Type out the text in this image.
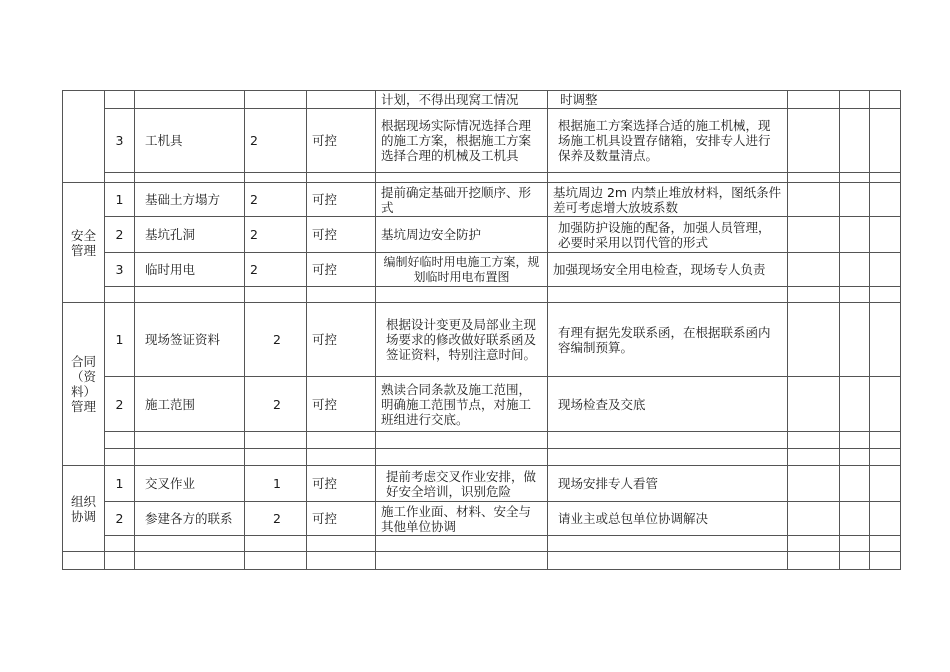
					计划，不得出现窝工情况	时调整			
	3	工机具	2	可控	根据现场实际情况选择合理的施工方案，根据施工方案选择合理的机械及工机具	根据施工方案选择合适的施工机械，现场施工机具设置存储箱，安排专人进行保养及数量清点。			

安全
管理	1	基础土方塌方	2	可控	提前确定基础开挖顺序、形式	基坑周边 2m 内禁止堆放材料，图纸条件差可考虑增大放坡系数			
	2	基坑孔洞	2	可控	基坑周边安全防护	加强防护设施的配备，加强人员管理，必要时采用以罚代管的形式			
	3	临时用电	2	可控	编制好临时用电施工方案，规划临时用电布置图	加强现场安全用电检查，现场专人负责			

合同
（资
料）
管理	1	现场签证资料	2	可控	根据设计变更及局部业主现场要求的修改做好联系函及签证资料，特别注意时间。	有理有据先发联系函，在根据联系函内容编制预算。			
	2	施工范围	2	可控	熟读合同条款及施工范围，明确施工范围节点，对施工班组进行交底。	现场检查及交底			

组织
协调	1	交叉作业	1	可控	提前考虑交叉作业安排，做好安全培训，识别危险	现场安排专人看管			
	2	参建各方的联系	2	可控	施工作业面、材料、安全与其他单位协调	请业主或总包单位协调解决			
